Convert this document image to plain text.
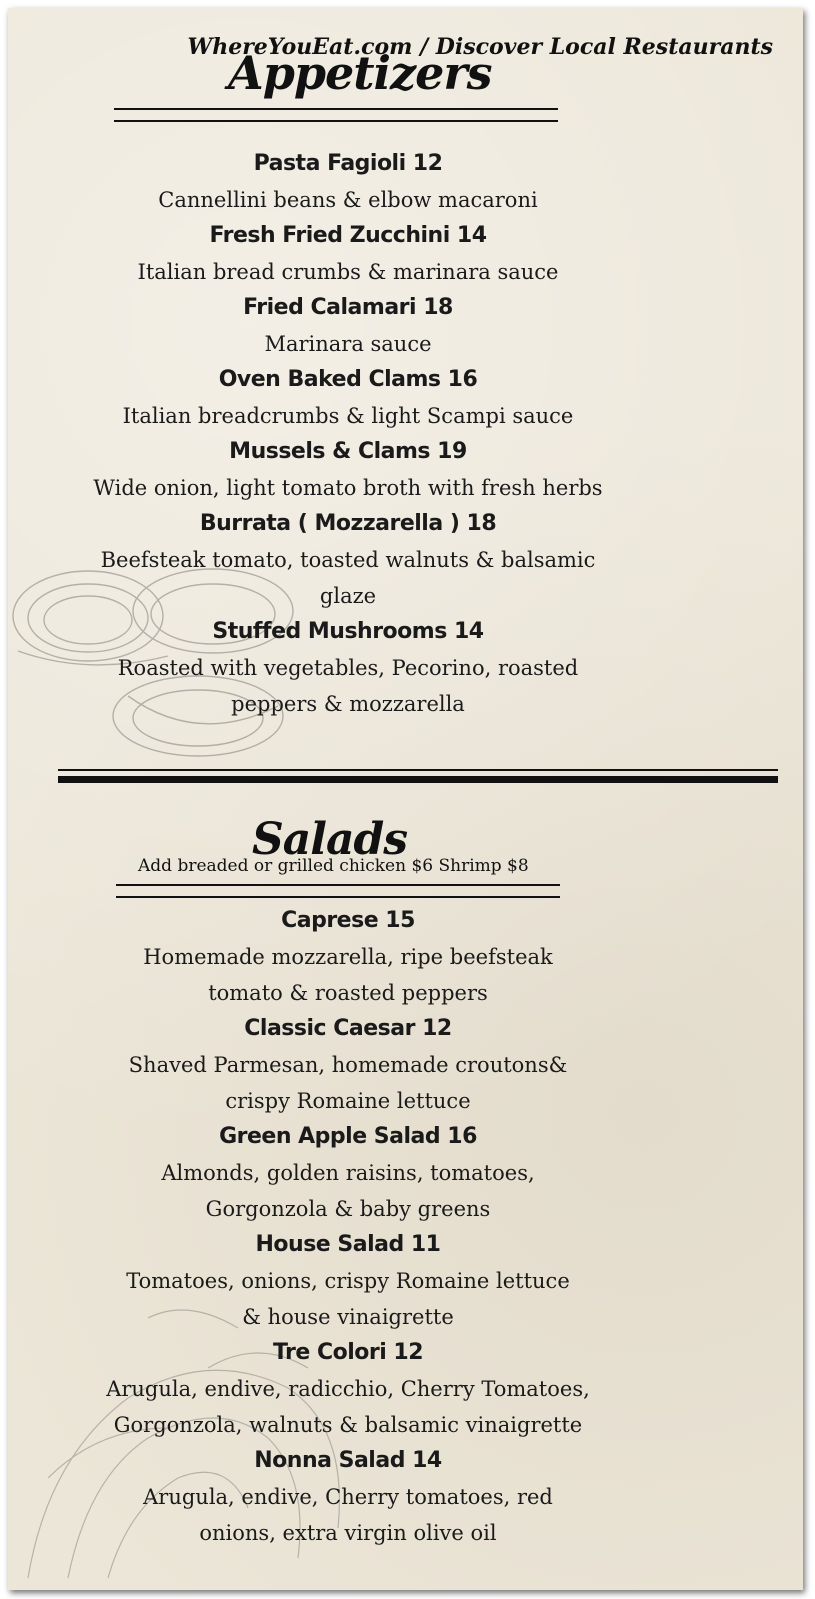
WhereYouEat.com / Discover Local Restaurants
Appetizers
Pasta Fagioli 12
Cannellini beans & elbow macaroni
Fresh Fried Zucchini 14
Italian bread crumbs & marinara sauce
Fried Calamari 18
Marinara sauce
Oven Baked Clams 16
Italian breadcrumbs & light Scampi sauce
Mussels & Clams 19
Wide onion, light tomato broth with fresh herbs
Burrata ( Mozzarella ) 18
Beefsteak tomato, toasted walnuts & balsamic
glaze
Stuffed Mushrooms 14
Roasted with vegetables, Pecorino, roasted
peppers & mozzarella
Salads
Add breaded or grilled chicken $6 Shrimp $8
Caprese 15
Homemade mozzarella, ripe beefsteak
tomato & roasted peppers
Classic Caesar 12
Shaved Parmesan, homemade croutons&
crispy Romaine lettuce
Green Apple Salad 16
Almonds, golden raisins, tomatoes,
Gorgonzola & baby greens
House Salad 11
Tomatoes, onions, crispy Romaine lettuce
& house vinaigrette
Tre Colori 12
Arugula, endive, radicchio, Cherry Tomatoes,
Gorgonzola, walnuts & balsamic vinaigrette
Nonna Salad 14
Arugula, endive, Cherry tomatoes, red
onions, extra virgin olive oil
